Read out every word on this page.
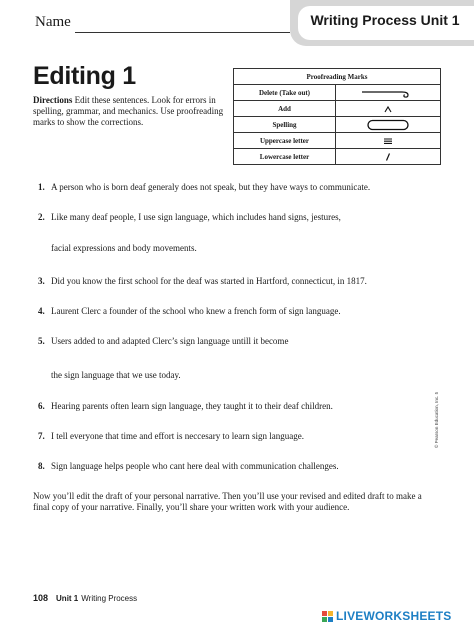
Name	Writing Process Unit 1
Editing 1
Directions Edit these sentences. Look for errors in spelling, grammar, and mechanics. Use proofreading marks to show the corrections.
Proofreading Marks	
Delete (Take out)	

Add	

Spelling	

Uppercase letter	

Lowercase letter	
1. A person who is born deaf generaly does not speak, but they have ways to communicate.
2. Like many deaf people, I use sign language, which includes hand signs, jestures,
facial expressions and body movements.
3. Did you know the first school for the deaf was started in Hartford, connecticut, in 1817.
4. Laurent Clerc a founder of the school who knew a french form of sign language.
5. Users added to and adapted Clerc’s sign language untill it become
the sign language that we use today.
6. Hearing parents often learn sign language, they taught it to their deaf children.
7. I tell everyone that time and effort is neccesary to learn sign language.
8. Sign language helps people who cant here deal with communication challenges.
Now you’ll edit the draft of your personal narrative. Then you’ll use your revised and edited draft to make a final copy of your narrative. Finally, you’ll share your written work with your audience.
© Pearson Education, Inc. 5
108 Unit 1 Writing Process
LIVEWORKSHEETS
